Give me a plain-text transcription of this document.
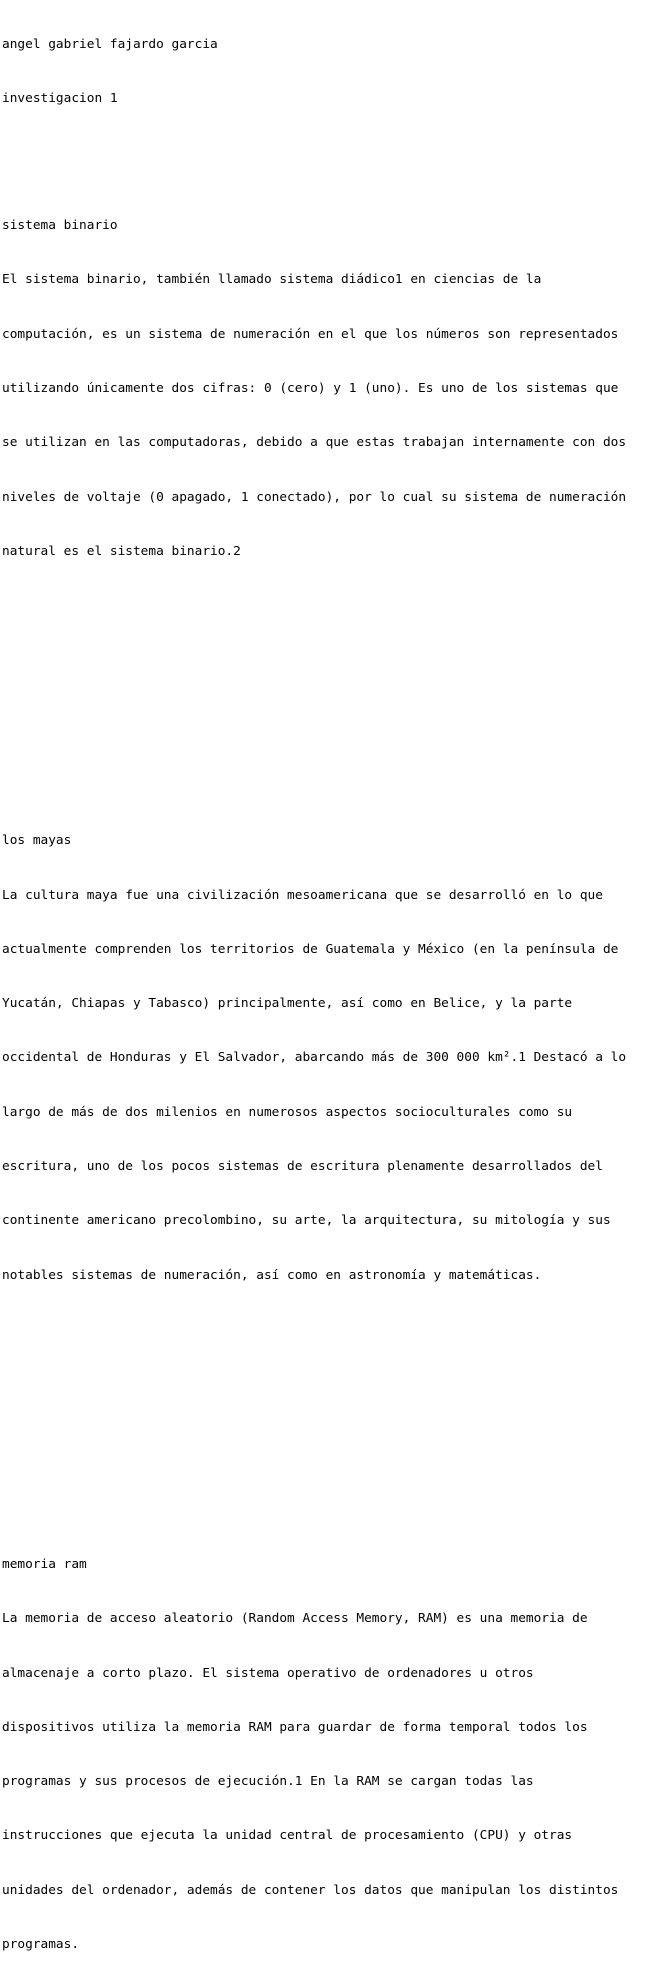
angel gabriel fajardo garcia

investigacion 1

sistema binario

El sistema binario, también llamado sistema diádico1 en ciencias de la

computación, es un sistema de numeración en el que los números son representados

utilizando únicamente dos cifras: 0 (cero) y 1 (uno). Es uno de los sistemas que

se utilizan en las computadoras, debido a que estas trabajan internamente con dos

niveles de voltaje (0 apagado, 1 conectado), por lo cual su sistema de numeración

natural es el sistema binario.2

los mayas

La cultura maya fue una civilización mesoamericana que se desarrolló en lo que

actualmente comprenden los territorios de Guatemala y México (en la península de

Yucatán, Chiapas y Tabasco) principalmente, así como en Belice, y la parte

occidental de Honduras y El Salvador, abarcando más de 300 000 km².1 Destacó a lo

largo de más de dos milenios en numerosos aspectos socioculturales como su

escritura, uno de los pocos sistemas de escritura plenamente desarrollados del

continente americano precolombino, su arte, la arquitectura, su mitología y sus

notables sistemas de numeración, así como en astronomía y matemáticas.

memoria ram

La memoria de acceso aleatorio (Random Access Memory, RAM) es una memoria de

almacenaje a corto plazo. El sistema operativo de ordenadores u otros

dispositivos utiliza la memoria RAM para guardar de forma temporal todos los

programas y sus procesos de ejecución.1 En la RAM se cargan todas las

instrucciones que ejecuta la unidad central de procesamiento (CPU) y otras

unidades del ordenador, además de contener los datos que manipulan los distintos

programas.
